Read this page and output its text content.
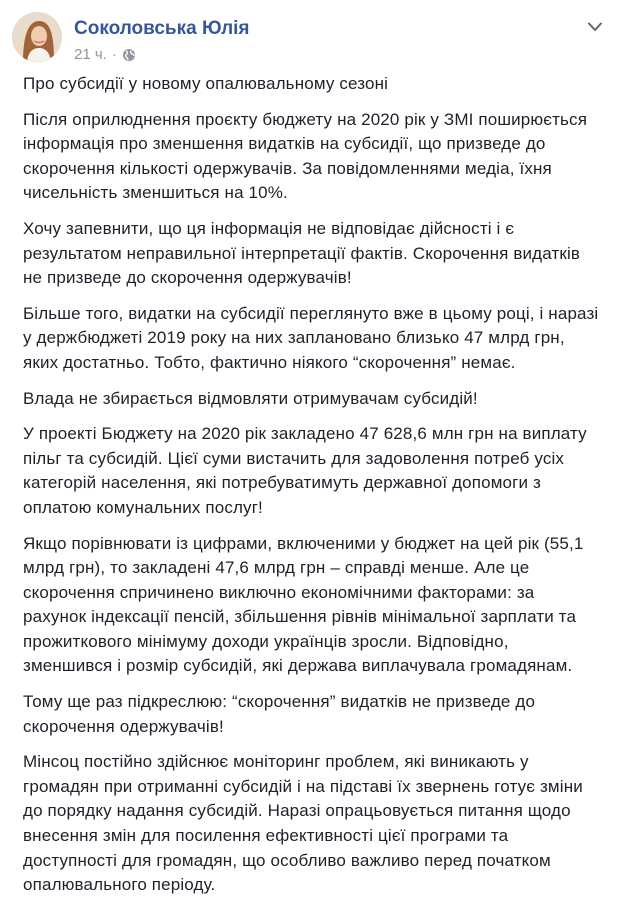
Соколовська Юлія
21 ч. ·

Про субсидії у новому опалювальному сезоні

Після оприлюднення проєкту бюджету на 2020 рік у ЗМІ поширюється інформація про зменшення видатків на субсидії, що призведе до скорочення кількості одержувачів. За повідомленнями медіа, їхня чисельність зменшиться на 10%.

Хочу запевнити, що ця інформація не відповідає дійсності і є результатом неправильної інтерпретації фактів. Скорочення видатків не призведе до скорочення одержувачів!

Більше того, видатки на субсидії переглянуто вже в цьому році, і наразі у держбюджеті 2019 року на них заплановано близько 47 млрд грн, яких достатньо. Тобто, фактично ніякого “скорочення” немає.

Влада не збирається відмовляти отримувачам субсидій!

У проекті Бюджету на 2020 рік закладено 47 628,6 млн грн на виплату пільг та субсидій. Цієї суми вистачить для задоволення потреб усіх категорій населення, які потребуватимуть державної допомоги з оплатою комунальних послуг!

Якщо порівнювати із цифрами, включеними у бюджет на цей рік (55,1 млрд грн), то закладені 47,6 млрд грн – справді менше. Але це скорочення спричинено виключно економічними факторами: за рахунок індексації пенсій, збільшення рівнів мінімальної зарплати та прожиткового мінімуму доходи українців зросли. Відповідно, зменшився і розмір субсидій, які держава виплачувала громадянам.

Тому ще раз підкреслюю: “скорочення” видатків не призведе до скорочення одержувачів!

Мінсоц постійно здійснює моніторинг проблем, які виникають у громадян при отриманні субсидій і на підставі їх звернень готує зміни до порядку надання субсидій. Наразі опрацьовується питання щодо внесення змін для посилення ефективності цієї програми та доступності для громадян, що особливо важливо перед початком опалювального періоду.
